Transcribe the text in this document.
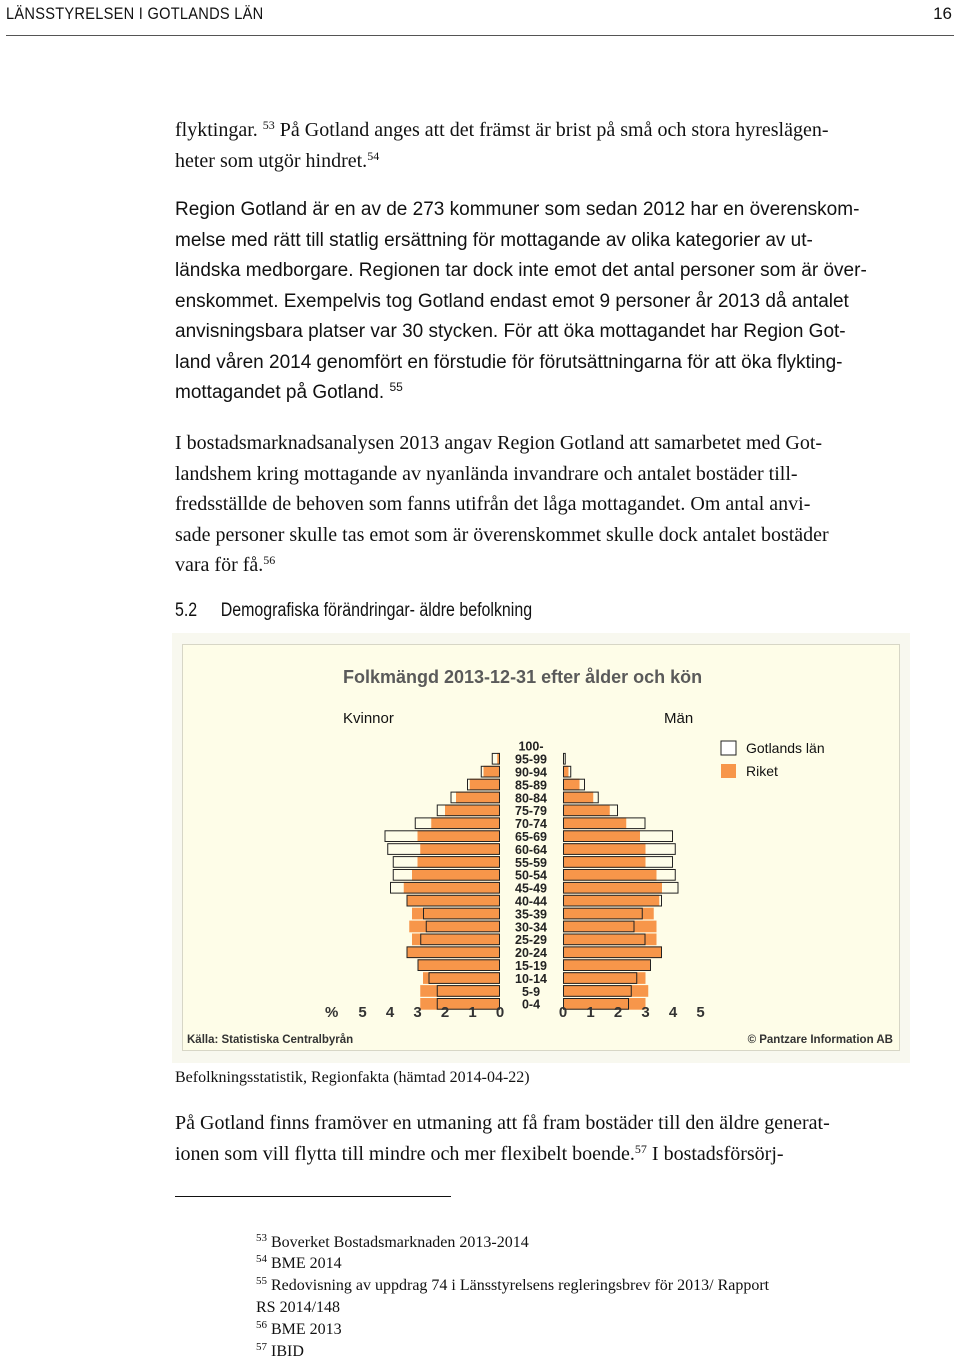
LÄNSSTYRELSEN I GOTLANDS LÄN	16
flyktingar. $^{53}$ På Gotland anges att det främst är brist på små och stora hyreslägen-
heter som utgör hindret.$^{54}$
Region Gotland är en av de 273 kommuner som sedan 2012 har en överenskom-
melse med rätt till statlig ersättning för mottagande av olika kategorier av ut-
ländska medborgare. Regionen tar dock inte emot det antal personer som är över-
enskommet. Exempelvis tog Gotland endast emot 9 personer år 2013 då antalet
anvisningsbara platser var 30 stycken. För att öka mottagandet har Region Got-
land våren 2014 genomfört en förstudie för förutsättningarna för att öka flykting-
mottagandet på Gotland. $^{55}$
I bostadsmarknadsanalysen 2013 angav Region Gotland att samarbetet med Got-
landshem kring mottagande av nyanlända invandrare och antalet bostäder till-
fredsställde de behoven som fanns utifrån det låga mottagandet. Om antal anvi-
sade personer skulle tas emot som är överenskommet skulle dock antalet bostäder
vara för få.$^{56}$
5.2 Demografiska förändringar- äldre befolkning
Folkmängd 2013-12-31 efter ålder och kön
Kvinnor	Män
100-
95-99
90-94
85-89
80-84
75-79
70-74
65-69
60-64
55-59
50-54
45-49
40-44
35-39
30-34
25-29
20-24
15-19
10-14
5-9
0-4
Gotlands län
Riket
% 5 4 3 2 1 0	0 1 2 3 4 5
Källa: Statistiska Centralbyrån	© Pantzare Information AB
Befolkningsstatistik, Regionfakta (hämtad 2014-04-22)
På Gotland finns framöver en utmaning att få fram bostäder till den äldre generat-
ionen som vill flytta till mindre och mer flexibelt boende.$^{57}$ I bostadsförsörj-
$^{53}$ Boverket Bostadsmarknaden 2013-2014
$^{54}$ BME 2014
$^{55}$ Redovisning av uppdrag 74 i Länsstyrelsens regleringsbrev för 2013/ Rapport
RS 2014/148
$^{56}$ BME 2013
$^{57}$ IBID
